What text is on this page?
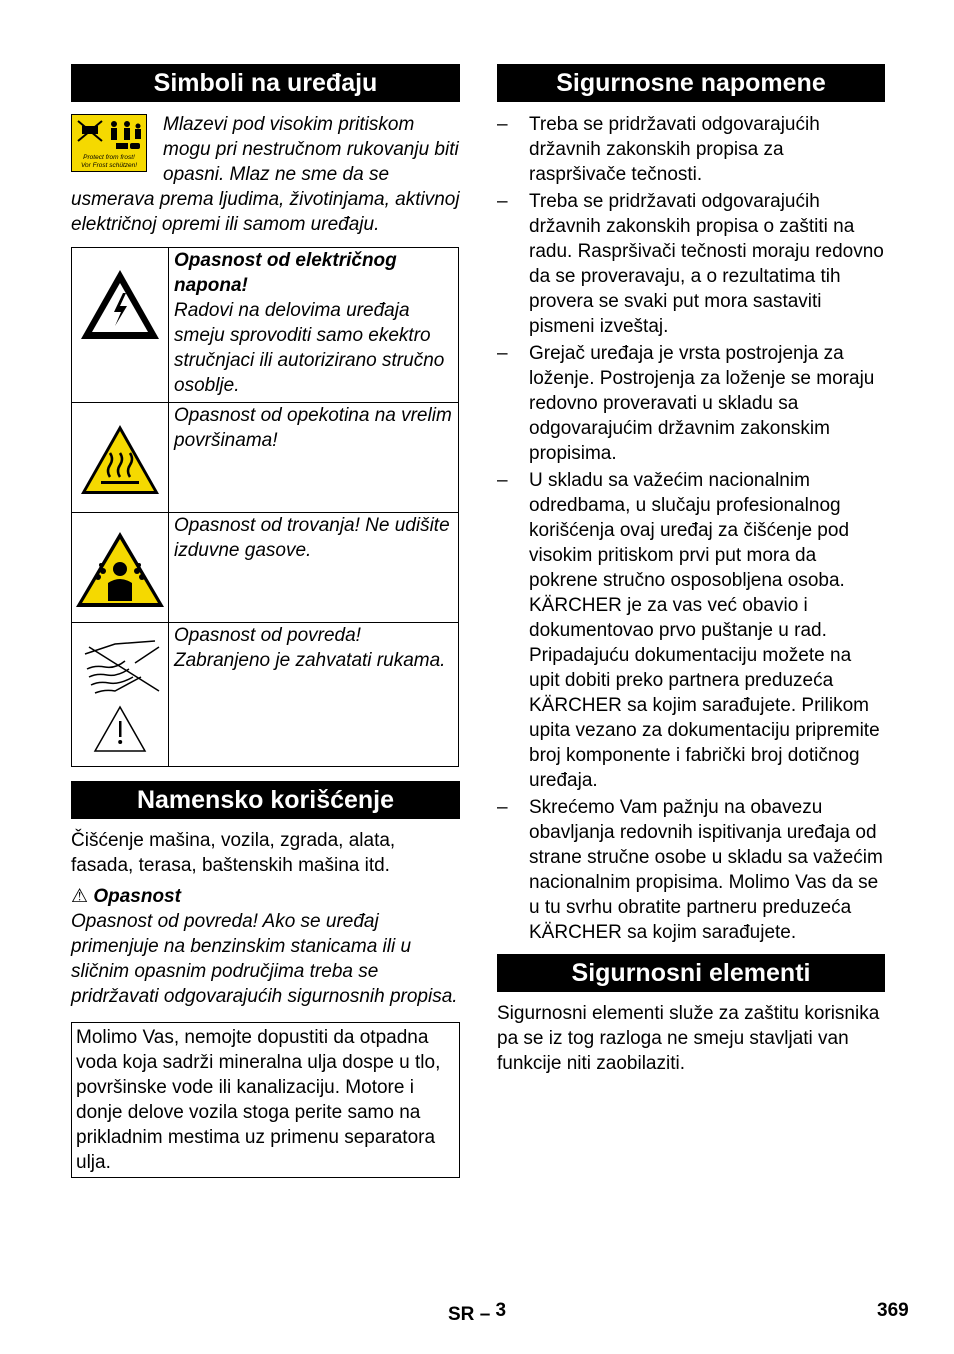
Simboli na uređaju
Protect from frost!
Vor Frost schützen!
Mlazevi pod visokim pritiskom mogu pri nestručnom rukovanju biti opasni. Mlaz ne sme da se usmerava prema ljudima, životinjama, aktivnoj električnoj opremi ili samom uređaju.

Opasnost od električnog napona!
Radovi na delovima uređaja smeju sprovoditi samo ekektro stručnjaci ili autorizirano stručno osoblje.

Opasnost od opekotina na vrelim površinama!

Opasnost od trovanja! Ne udišite izduvne gasove.

Opasnost od povreda! Zabranjeno je zahvatati rukama.
Namensko korišćenje

Čišćenje mašina, vozila, zgrada, alata, fasada, terasa, baštenskih mašina itd.

⚠ Opasnost

Opasnost od povreda! Ako se uređaj primenjuje na benzinskim stanicama ili u sličnim opasnim područjima treba se pridržavati odgovarajućih sigurnosnih propisa.

Molimo Vas, nemojte dopustiti da otpadna voda koja sadrži mineralna ulja dospe u tlo, površinske vode ili kanalizaciju. Motore i donje delove vozila stoga perite samo na prikladnim mestima uz primenu separatora ulja.
Sigurnosne napomene
– Treba se pridržavati odgovarajućih državnih zakonskih propisa za raspršivače tečnosti.
– Treba se pridržavati odgovarajućih državnih zakonskih propisa o zaštiti na radu. Raspršivači tečnosti moraju redovno da se proveravaju, a o rezultatima tih provera se svaki put mora sastaviti pismeni izveštaj.
– Grejač uređaja je vrsta postrojenja za loženje. Postrojenja za loženje se moraju redovno proveravati u skladu sa odgovarajućim državnim zakonskim propisima.
– U skladu sa važećim nacionalnim odredbama, u slučaju profesionalnog korišćenja ovaj uređaj za čišćenje pod visokim pritiskom prvi put mora da pokrene stručno osposobljena osoba. KÄRCHER je za vas već obavio i dokumentovao prvo puštanje u rad. Pripadajuću dokumentaciju možete na upit dobiti preko partnera preduzeća KÄRCHER sa kojim sarađujete. Prilikom upita vezano za dokumentaciju pripremite broj komponente i fabrički broj dotičnog uređaja.
– Skrećemo Vam pažnju na obavezu obavljanja redovnih ispitivanja uređaja od strane stručne osobe u skladu sa važećim nacionalnim propisima. Molimo Vas da se u tu svrhu obratite partneru preduzeća KÄRCHER sa kojim sarađujete.
Sigurnosni elementi

Sigurnosni elementi služe za zaštitu korisnika pa se iz tog razloga ne smeju stavljati van funkcije niti zaobilaziti.

SR – 3	369
